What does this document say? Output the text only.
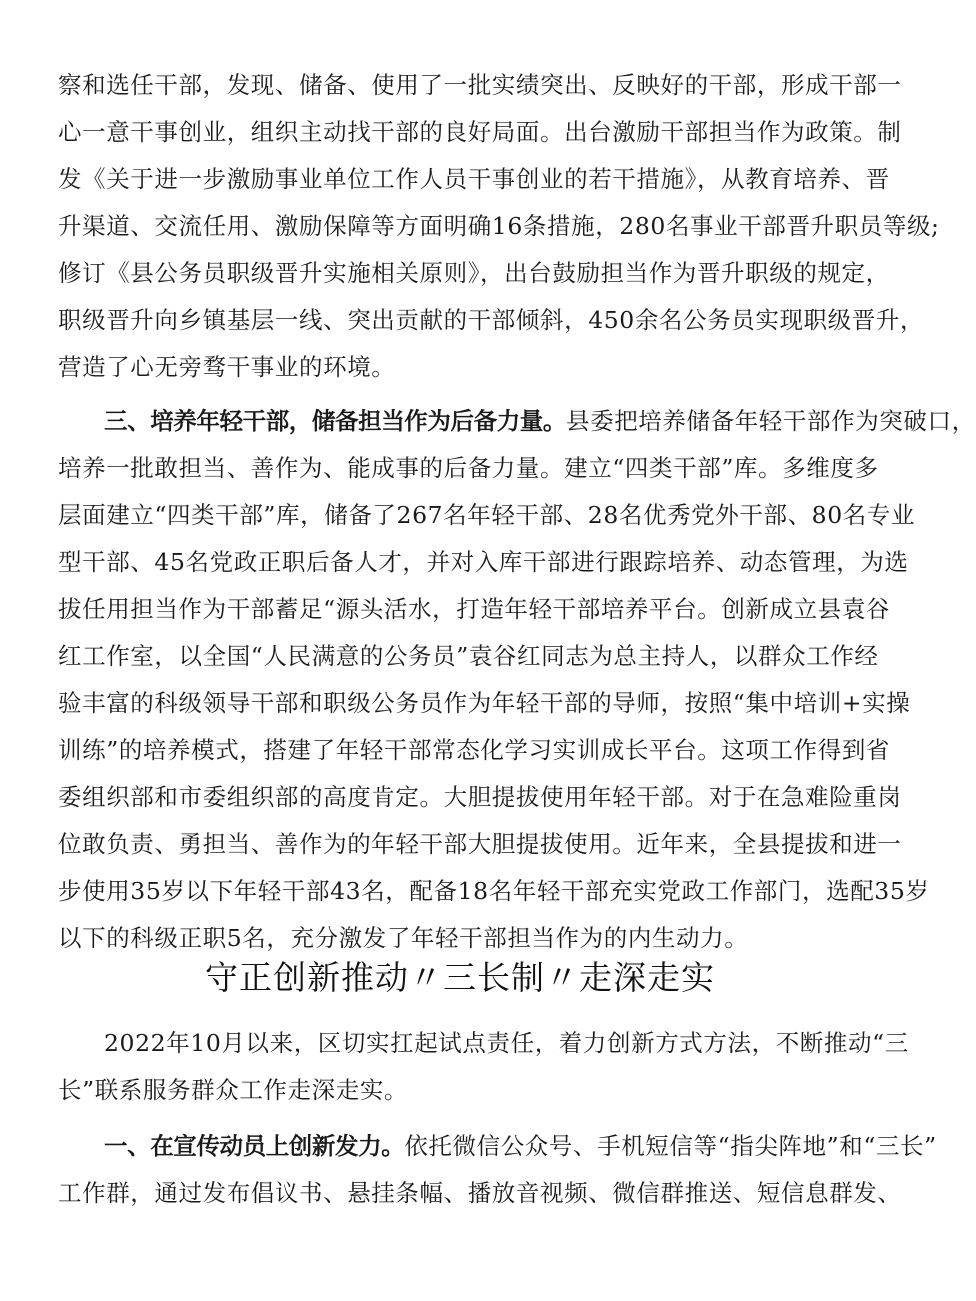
察和选任干部，发现、储备、使用了一批实绩突出、反映好的干部，形成干部一
心一意干事创业，组织主动找干部的良好局面。出台激励干部担当作为政策。制
发《关于进一步激励事业单位工作人员干事创业的若干措施》，从教育培养、晋
升渠道、交流任用、激励保障等方面明确16条措施，280名事业干部晋升职员等级;
修订《县公务员职级晋升实施相关原则》，出台鼓励担当作为晋升职级的规定，
职级晋升向乡镇基层一线、突出贡献的干部倾斜，450余名公务员实现职级晋升，
营造了心无旁骛干事业的环境。
三、培养年轻干部，储备担当作为后备力量。县委把培养储备年轻干部作为突破口，
培养一批敢担当、善作为、能成事的后备力量。建立“四类干部”库。多维度多
层面建立“四类干部”库，储备了267名年轻干部、28名优秀党外干部、80名专业
型干部、45名党政正职后备人才，并对入库干部进行跟踪培养、动态管理，为选
拔任用担当作为干部蓄足“源头活水，打造年轻干部培养平台。创新成立县袁谷
红工作室，以全国“人民满意的公务员”袁谷红同志为总主持人，以群众工作经
验丰富的科级领导干部和职级公务员作为年轻干部的导师，按照“集中培训+实操
训练”的培养模式，搭建了年轻干部常态化学习实训成长平台。这项工作得到省
委组织部和市委组织部的高度肯定。大胆提拔使用年轻干部。对于在急难险重岗
位敢负责、勇担当、善作为的年轻干部大胆提拔使用。近年来，全县提拔和进一
步使用35岁以下年轻干部43名，配备18名年轻干部充实党政工作部门，选配35岁
以下的科级正职5名，充分激发了年轻干部担当作为的内生动力。
守正创新推动〃三长制〃走深走实
2022年10月以来，区切实扛起试点责任，着力创新方式方法，不断推动“三
长”联系服务群众工作走深走实。
一、在宣传动员上创新发力。依托微信公众号、手机短信等“指尖阵地”和“三长”
工作群，通过发布倡议书、悬挂条幅、播放音视频、微信群推送、短信息群发、
